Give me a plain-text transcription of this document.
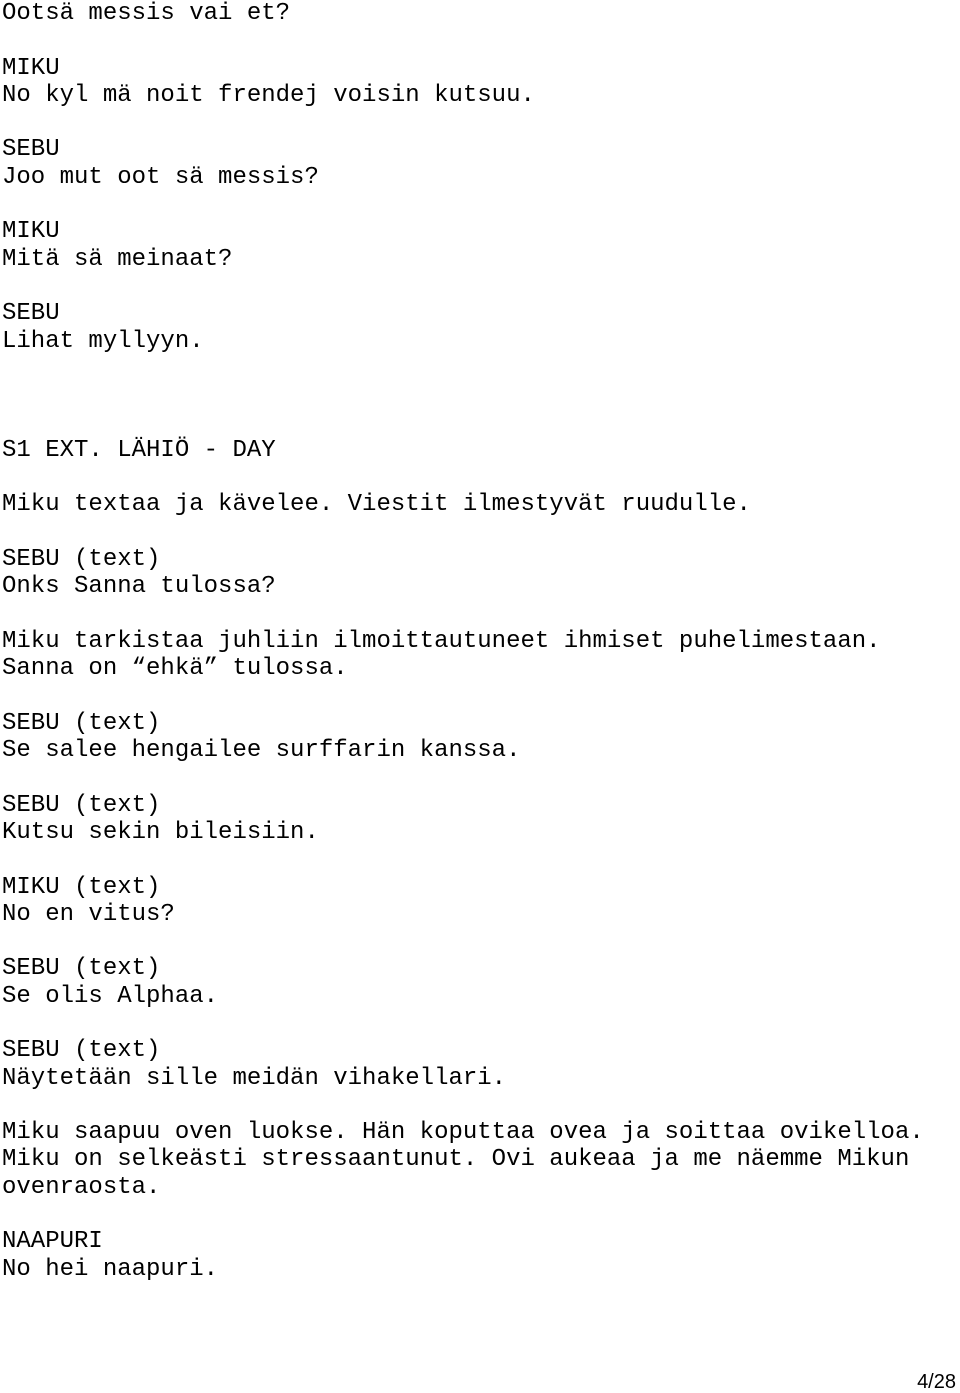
Ootsä messis vai et?
MIKU
No kyl mä noit frendej voisin kutsuu.
SEBU
Joo mut oot sä messis?
MIKU
Mitä sä meinaat?
SEBU
Lihat myllyyn.
S1 EXT. LÄHIÖ - DAY
Miku textaa ja kävelee. Viestit ilmestyvät ruudulle.
SEBU (text)
Onks Sanna tulossa?
Miku tarkistaa juhliin ilmoittautuneet ihmiset puhelimestaan.
Sanna on “ehkä” tulossa.
SEBU (text)
Se salee hengailee surffarin kanssa.
SEBU (text)
Kutsu sekin bileisiin.
MIKU (text)
No en vitus?
SEBU (text)
Se olis Alphaa.
SEBU (text)
Näytetään sille meidän vihakellari.
Miku saapuu oven luokse. Hän koputtaa ovea ja soittaa ovikelloa.
Miku on selkeästi stressaantunut. Ovi aukeaa ja me näemme Mikun
ovenraosta.
NAAPURI
No hei naapuri.
4/28
